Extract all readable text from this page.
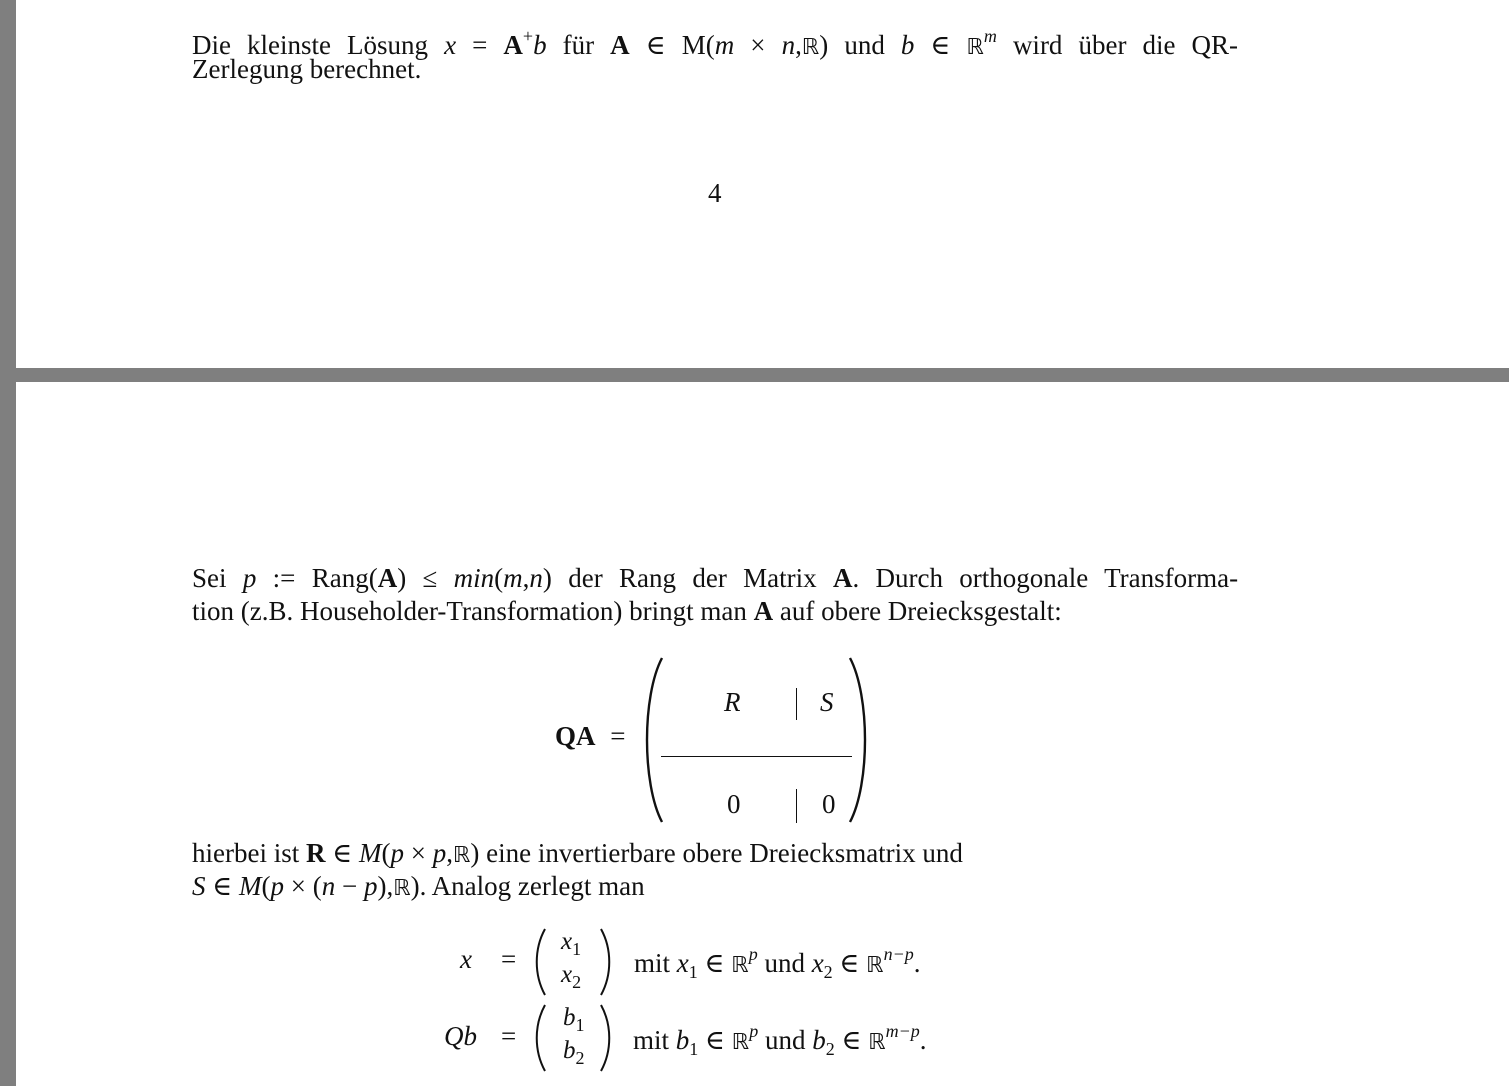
Die kleinste Lösung x = A+b für A ∈ M(m × n,ℝ) und b ∈ ℝ$^m$ wird über die QR-
Zerlegung berechnet.
4
Sei p := Rang(A) ≤ min(m,n) der Rang der Matrix A. Durch orthogonale Transforma-
tion (z.B. Householder-Transformation) bringt man A auf obere Dreiecksgestalt:
QA =
R	S
0	0
hierbei ist R ∈ M(p × p,ℝ) eine invertierbare obere Dreiecksmatrix und
S ∈ M(p × (n − p),ℝ). Analog zerlegt man
x =
$x_1$
$x_2$
mit $x_1$ ∈ ℝ$^p$ und $x_2$ ∈ ℝ$^{n-p}$.
Qb =
$b_1$
$b_2$
mit $b_1$ ∈ ℝ$^p$ und $b_2$ ∈ ℝ$^{m-p}$.
